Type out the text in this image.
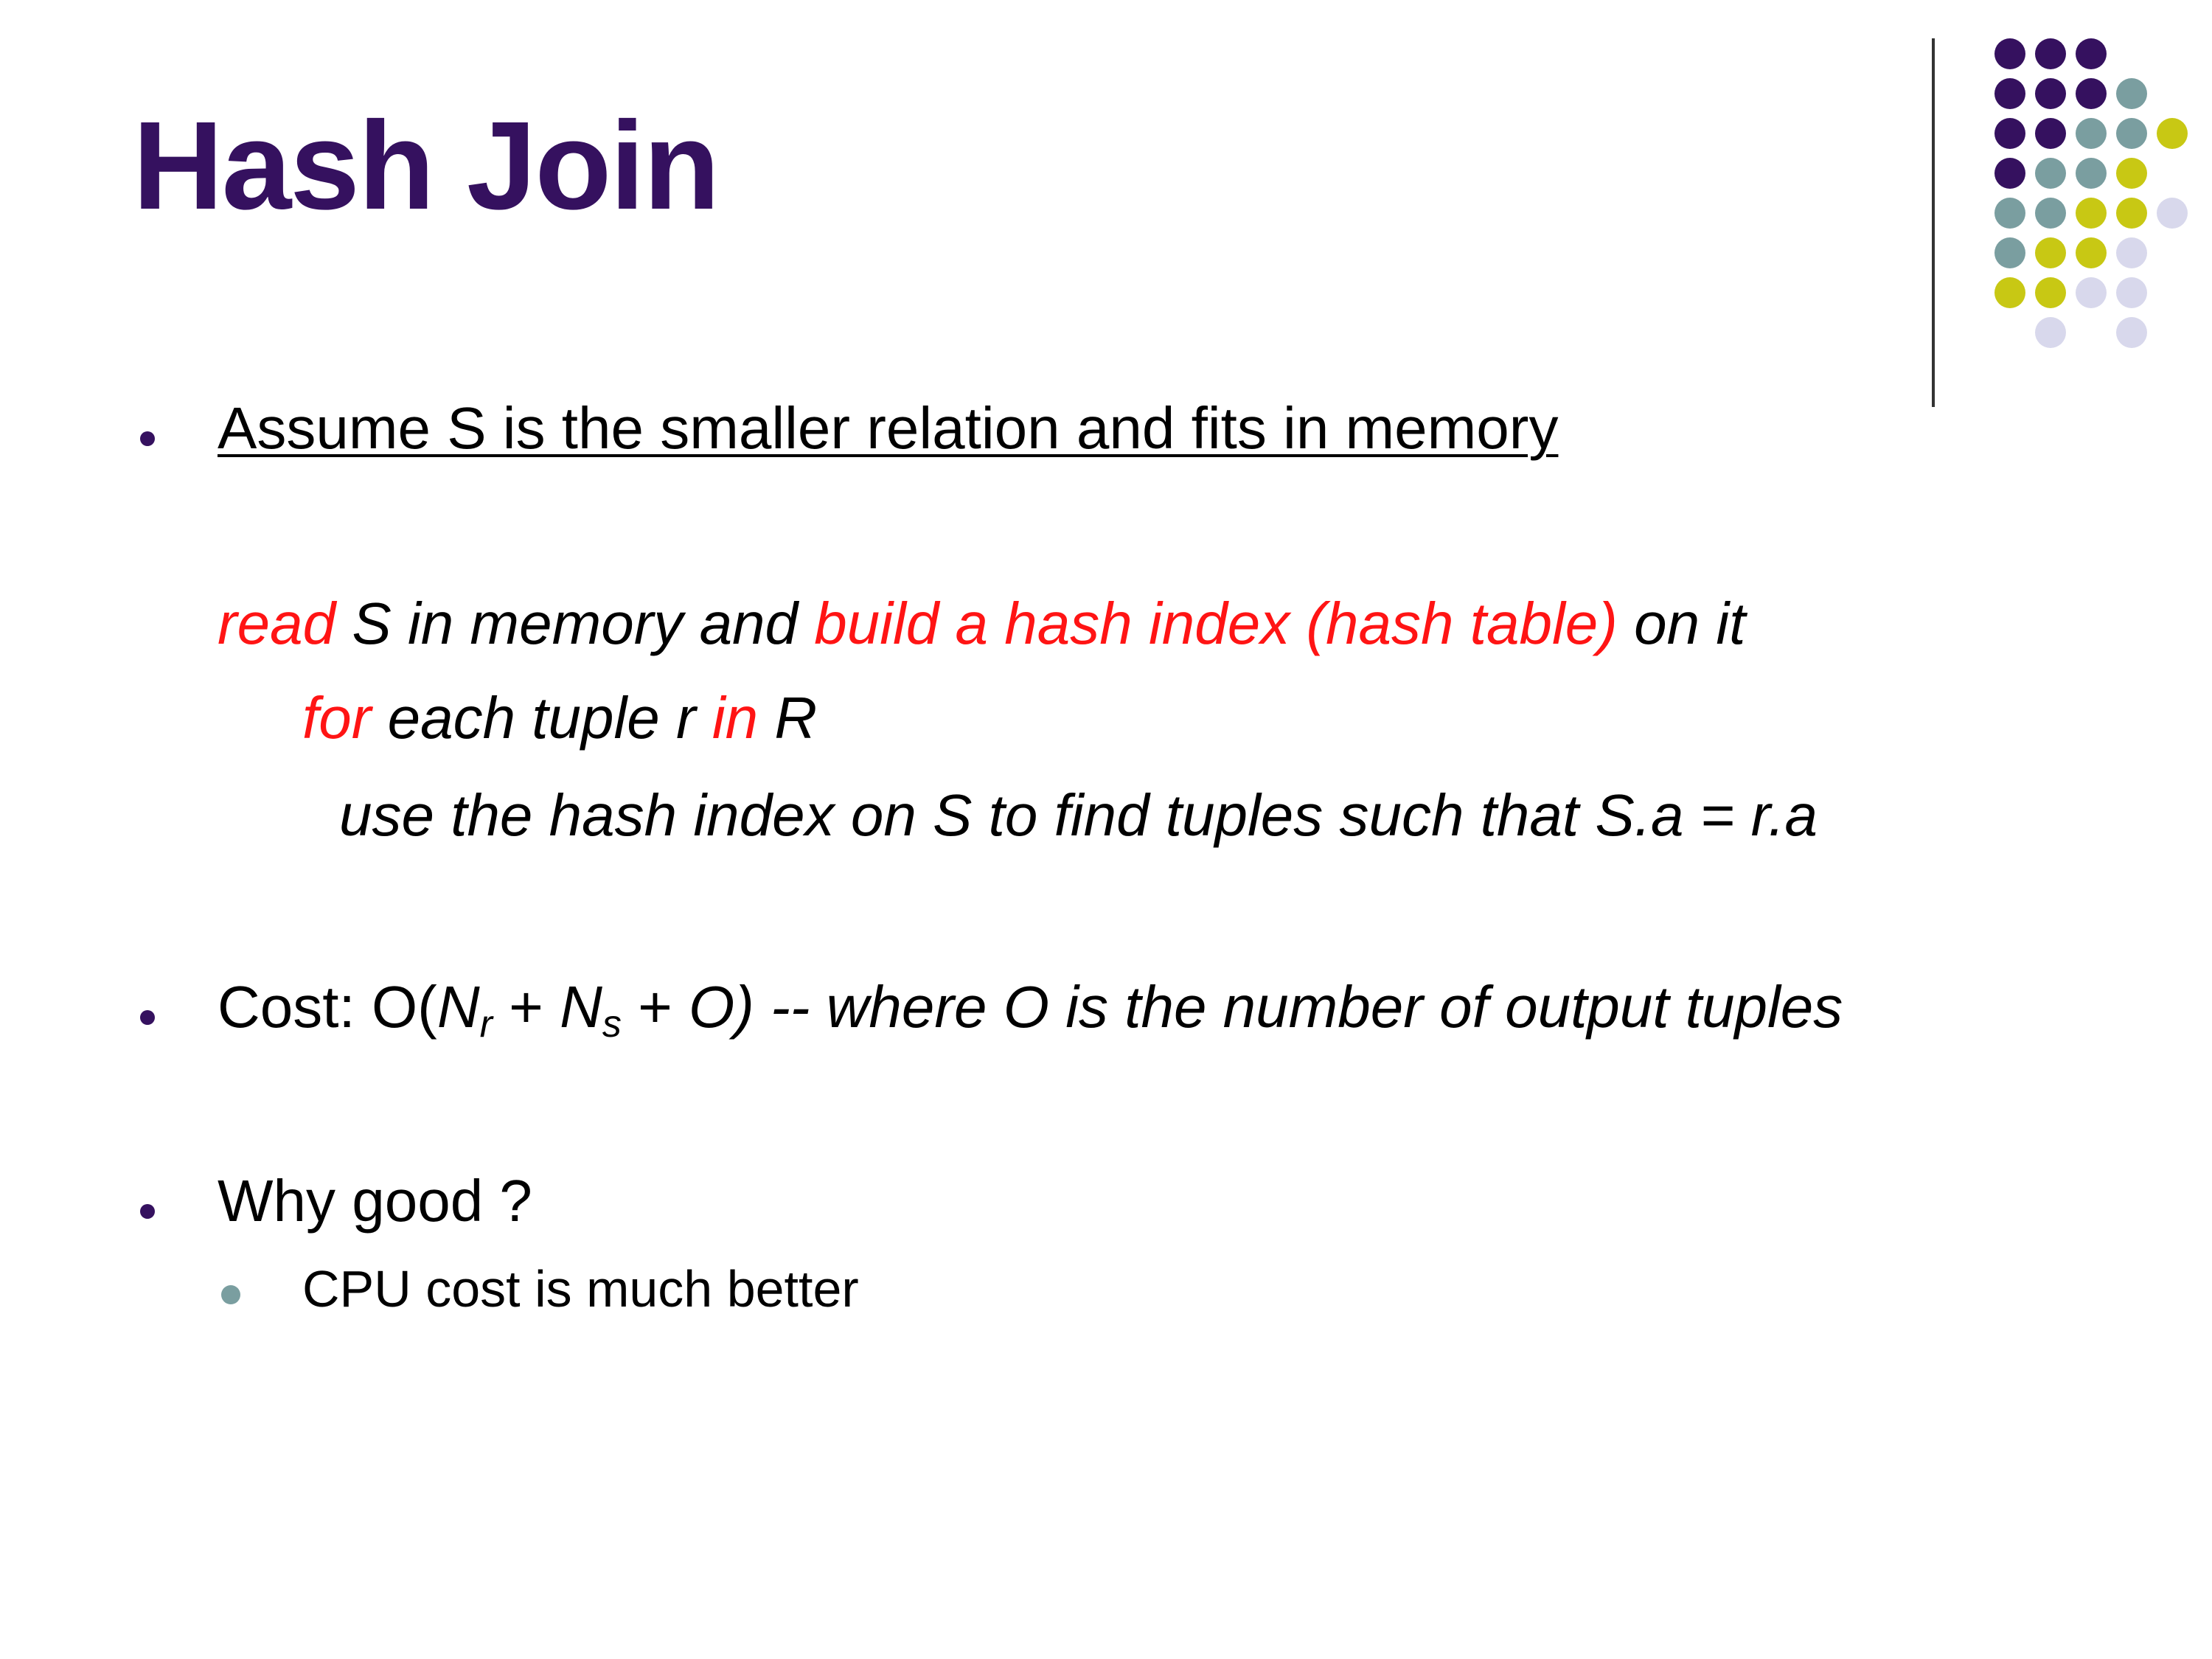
Hash Join
Assume S is the smaller relation and fits in memory
read S in memory and build a hash index (hash table) on it
for each tuple r in R
use the hash index on S to find tuples such that S.a = r.a
Cost: $O(N_r + N_s + O)$ -- where O is the number of output tuples
Why good ?
CPU cost is much better
